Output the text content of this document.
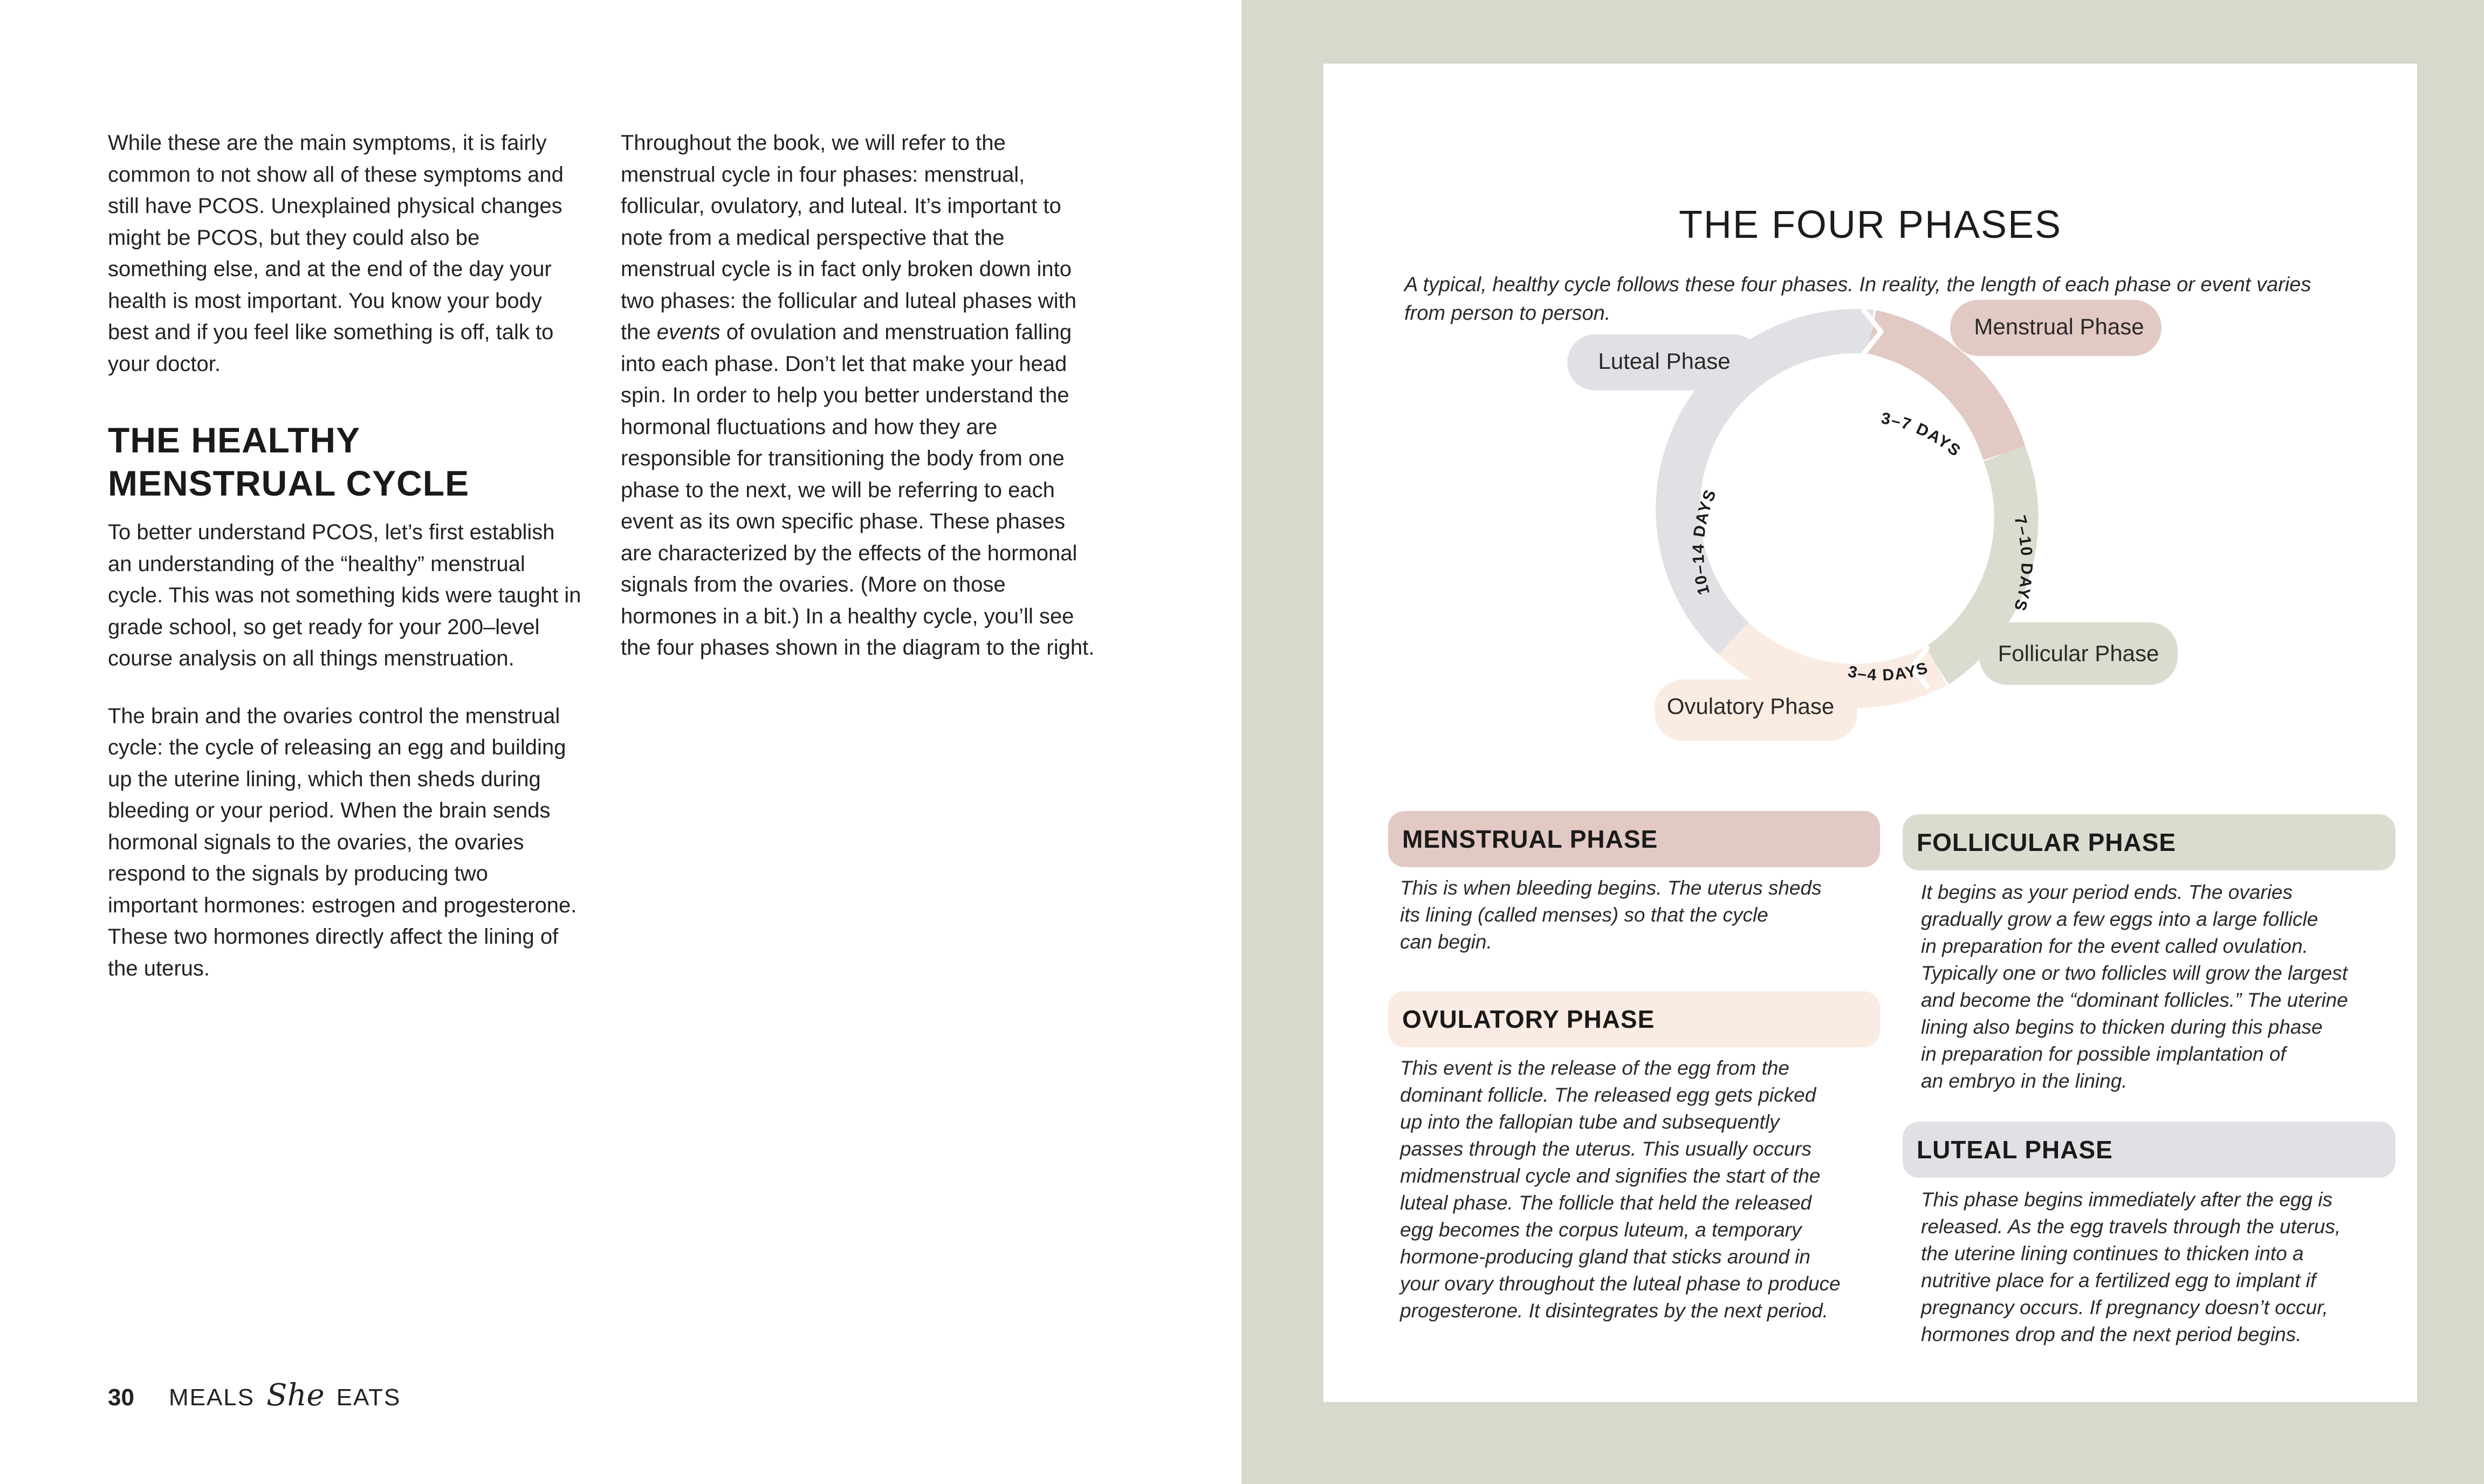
While these are the main symptoms, it is fairly common to not show all of these symptoms and still have PCOS. Unexplained physical changes might be PCOS, but they could also be something else, and at the end of the day your health is most important. You know your body best and if you feel like something is off, talk to your doctor.

THE HEALTHY
MENSTRUAL CYCLE

To better understand PCOS, let’s first establish an understanding of the “healthy” menstrual cycle. This was not something kids were taught in grade school, so get ready for your 200–level course analysis on all things menstruation.

The brain and the ovaries control the menstrual cycle: the cycle of releasing an egg and building up the uterine lining, which then sheds during bleeding or your period. When the brain sends hormonal signals to the ovaries, the ovaries respond to the signals by producing two important hormones: estrogen and progesterone. These two hormones directly affect the lining of the uterus.

Throughout the book, we will refer to the menstrual cycle in four phases: menstrual, follicular, ovulatory, and luteal. It’s important to note from a medical perspective that the menstrual cycle is in fact only broken down into two phases: the follicular and luteal phases with the events of ovulation and menstruation falling into each phase. Don’t let that make your head spin. In order to help you better understand the hormonal fluctuations and how they are responsible for transitioning the body from one phase to the next, we will be referring to each event as its own specific phase. These phases are characterized by the effects of the hormonal signals from the ovaries. (More on those hormones in a bit.) In a healthy cycle, you’ll see the four phases shown in the diagram to the right.

30 MEALS She EATS
THE FOUR PHASES
A typical, healthy cycle follows these four phases. In reality, the length of each phase or event varies from person to person.
Luteal Phase
Menstrual Phase
Follicular Phase
Ovulatory Phase
3–7 DAYS
7–10 DAYS
3–4 DAYS
10–14 DAYS
MENSTRUAL PHASE
This is when bleeding begins. The uterus sheds
its lining (called menses) so that the cycle
can begin.
OVULATORY PHASE
This event is the release of the egg from the
dominant follicle. The released egg gets picked
up into the fallopian tube and subsequently
passes through the uterus. This usually occurs
midmenstrual cycle and signifies the start of the
luteal phase. The follicle that held the released
egg becomes the corpus luteum, a temporary
hormone-producing gland that sticks around in
your ovary throughout the luteal phase to produce
progesterone. It disintegrates by the next period.
FOLLICULAR PHASE
It begins as your period ends. The ovaries
gradually grow a few eggs into a large follicle
in preparation for the event called ovulation.
Typically one or two follicles will grow the largest
and become the “dominant follicles.” The uterine
lining also begins to thicken during this phase
in preparation for possible implantation of
an embryo in the lining.
LUTEAL PHASE
This phase begins immediately after the egg is
released. As the egg travels through the uterus,
the uterine lining continues to thicken into a
nutritive place for a fertilized egg to implant if
pregnancy occurs. If pregnancy doesn’t occur,
hormones drop and the next period begins.
